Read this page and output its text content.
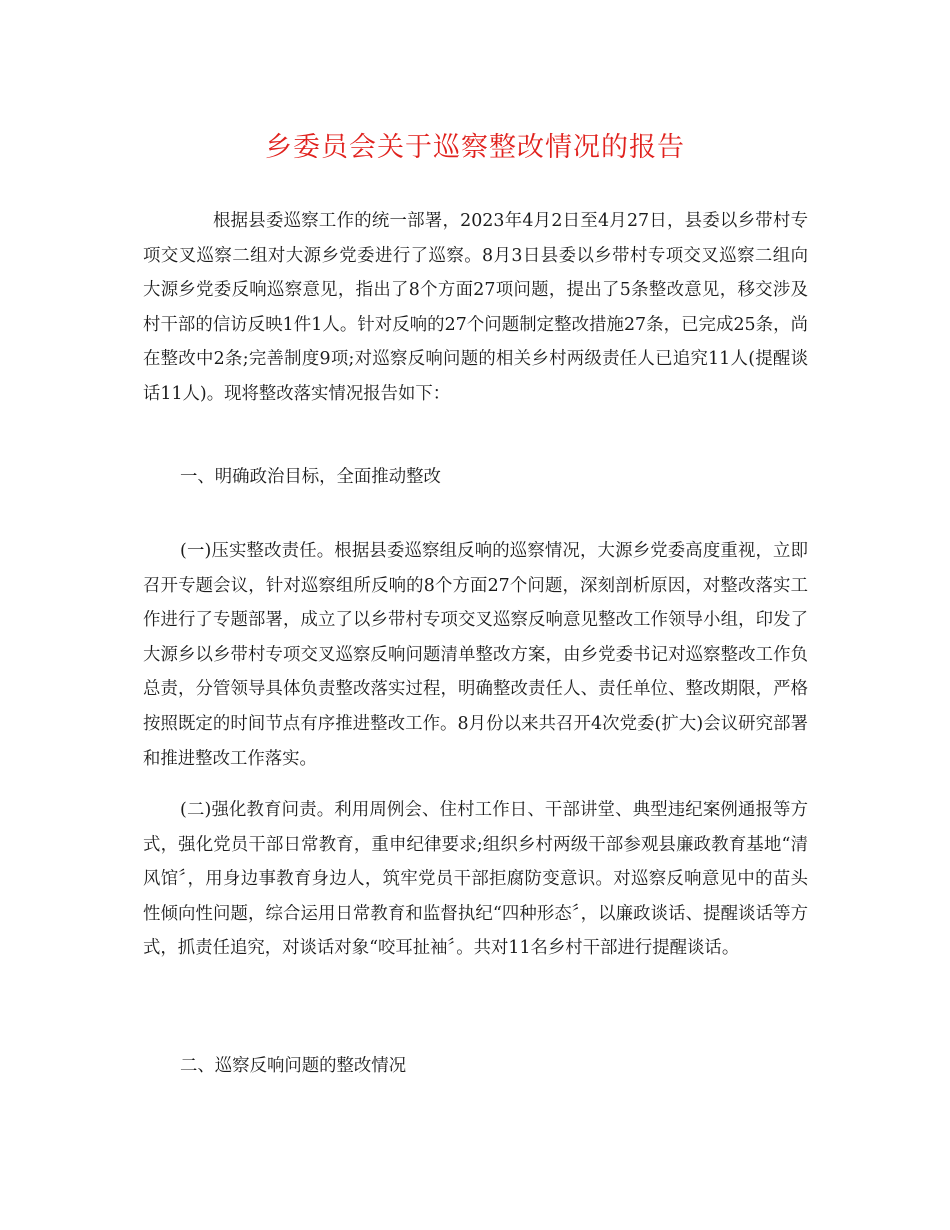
乡委员会关于巡察整改情况的报告

根据县委巡察工作的统一部署，2023年4月2日至4月27日，县委以乡带村专项交叉巡察二组对大源乡党委进行了巡察。8月3日县委以乡带村专项交叉巡察二组向大源乡党委反响巡察意见，指出了8个方面27项问题，提出了5条整改意见，移交涉及村干部的信访反映1件1人。针对反响的27个问题制定整改措施27条，已完成25条，尚在整改中2条;完善制度9项;对巡察反响问题的相关乡村两级责任人已追究11人(提醒谈话11人)。现将整改落实情况报告如下：

一、明确政治目标，全面推动整改

(一)压实整改责任。根据县委巡察组反响的巡察情况，大源乡党委高度重视，立即召开专题会议，针对巡察组所反响的8个方面27个问题，深刻剖析原因，对整改落实工作进行了专题部署，成立了以乡带村专项交叉巡察反响意见整改工作领导小组，印发了大源乡以乡带村专项交叉巡察反响问题清单整改方案，由乡党委书记对巡察整改工作负总责，分管领导具体负责整改落实过程，明确整改责任人、责任单位、整改期限，严格按照既定的时间节点有序推进整改工作。8月份以来共召开4次党委(扩大)会议研究部署和推进整改工作落实。

(二)强化教育问责。利用周例会、住村工作日、干部讲堂、典型违纪案例通报等方式，强化党员干部日常教育，重申纪律要求;组织乡村两级干部参观县廉政教育基地“清风馆〞，用身边事教育身边人，筑牢党员干部拒腐防变意识。对巡察反响意见中的苗头性倾向性问题，综合运用日常教育和监督执纪“四种形态〞，以廉政谈话、提醒谈话等方式，抓责任追究，对谈话对象“咬耳扯袖〞。共对11名乡村干部进行提醒谈话。

二、巡察反响问题的整改情况
